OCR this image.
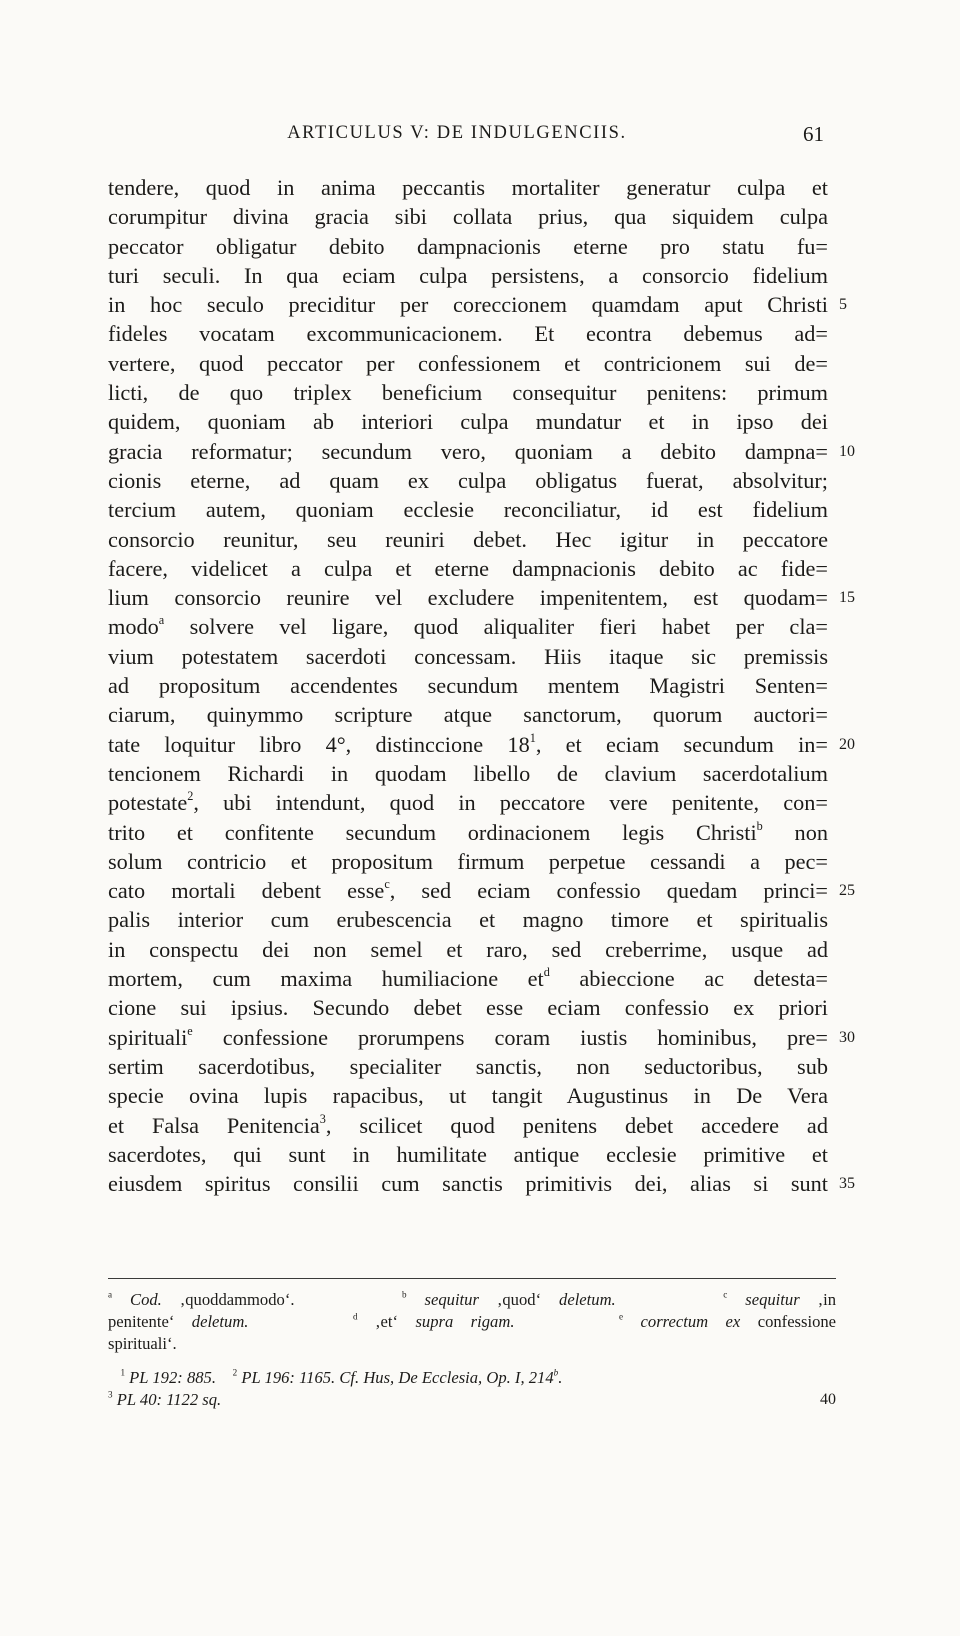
ARTICULUS V: DE INDULGENCIIS.	61
tendere, quod in anima peccantis mortaliter generatur culpa et
corumpitur divina gracia sibi collata prius, qua siquidem culpa
peccator obligatur debito dampnacionis eterne pro statu fu=
turi seculi. In qua eciam culpa persistens, a consorcio fidelium
in hoc seculo preciditur per coreccionem quamdam aput Christi 5
fideles vocatam excommunicacionem. Et econtra debemus ad=
vertere, quod peccator per confessionem et contricionem sui de=
licti, de quo triplex beneficium consequitur penitens: primum
quidem, quoniam ab interiori culpa mundatur et in ipso dei
gracia reformatur; secundum vero, quoniam a debito dampna= 10
cionis eterne, ad quam ex culpa obligatus fuerat, absolvitur;
tercium autem, quoniam ecclesie reconciliatur, id est fidelium
consorcio reunitur, seu reuniri debet. Hec igitur in peccatore
facere, videlicet a culpa et eterne dampnacionis debito ac fide=
lium consorcio reunire vel excludere impenitentem, est quodam= 15
modo$^a$ solvere vel ligare, quod aliqualiter fieri habet per cla=
vium potestatem sacerdoti concessam. Hiis itaque sic premissis
ad propositum accendentes secundum mentem Magistri Senten=
ciarum, quinymmo scripture atque sanctorum, quorum auctori=
tate loquitur libro 4°, distinccione $18^1$, et eciam secundum in= 20
tencionem Richardi in quodam libello de clavium sacerdotalium
potestate$^2$, ubi intendunt, quod in peccatore vere penitente, con=
trito et confitente secundum ordinacionem legis Christi$^b$ non
solum contricio et propositum firmum perpetue cessandi a pec=
cato mortali debent esse$^c$, sed eciam confessio quedam princi= 25
palis interior cum erubescencia et magno timore et spiritualis
in conspectu dei non semel et raro, sed creberrime, usque ad
mortem, cum maxima humiliacione $et^d$ abieccione ac detesta=
cione sui ipsius. Secundo debet esse eciam confessio ex priori
spirituali$^e$ confessione prorumpens coram iustis hominibus, pre= 30
sertim sacerdotibus, specialiter sanctis, non seductoribus, sub
specie ovina lupis rapacibus, ut tangit Augustinus in De Vera
et Falsa Penitencia$^3$, scilicet quod penitens debet accedere ad
sacerdotes, qui sunt in humilitate antique ecclesie primitive et
eiusdem spiritus consilii cum sanctis primitivis dei, alias si sunt 35
$^a$ Cod. ‚quoddammodo‘.      $^b$ sequitur ‚quod‘ deletum.	$^c$ sequitur ‚in
penitente‘ deletum.	$^d$ ‚et‘ supra rigam.	$^e$ correctum ex confessione
spirituali‘.
$^1$ PL 192: 885. $^2$ PL 196: 1165. Cf. Hus, De Ecclesia, Op. I, 214$^b$.
$^3$ PL 40: 1122 sq.	40
